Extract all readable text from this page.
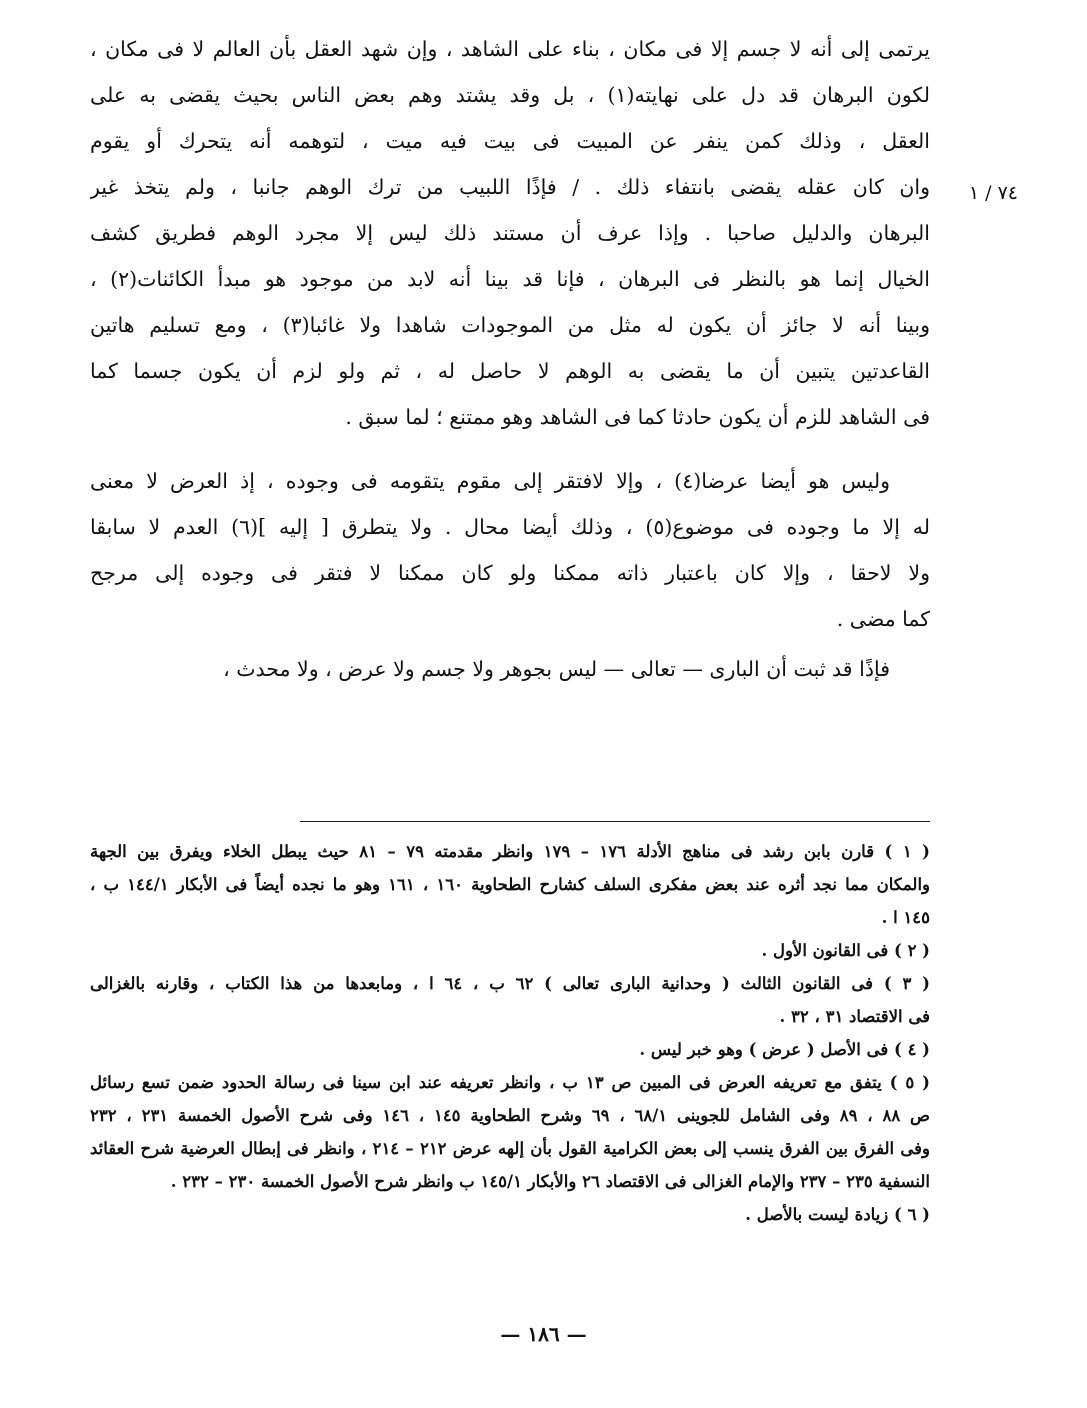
٧٤ / ١

يرتمى إلى أنه لا جسم إلا فى مكان ، بناء على الشاهد ، وإن شهد العقل بأن العالم لا فى مكان ،
لكون البرهان قد دل على نهايته(١) ، بل وقد يشتد وهم بعض الناس بحيث يقضى به على
العقل ، وذلك كمن ينفر عن المبيت فى بيت فيه ميت ، لتوهمه أنه يتحرك أو يقوم
وان كان عقله يقضى بانتفاء ذلك . / فإذًا اللبيب من ترك الوهم جانبا ، ولم يتخذ غير
البرهان والدليل صاحبا . وإذا عرف أن مستند ذلك ليس إلا مجرد الوهم فطريق كشف
الخيال إنما هو بالنظر فى البرهان ، فإنا قد بينا أنه لابد من موجود هو مبدأ الكائنات(٢) ،
وبينا أنه لا جائز أن يكون له مثل من الموجودات شاهدا ولا غائبا(٣) ، ومع تسليم هاتين
القاعدتين يتبين أن ما يقضى به الوهم لا حاصل له ، ثم ولو لزم أن يكون جسما كما
فى الشاهد للزم أن يكون حادثا كما فى الشاهد وهو ممتنع ؛ لما سبق .

وليس هو أيضا عرضا(٤) ، وإلا لافتقر إلى مقوم يتقومه فى وجوده ، إذ العرض لا معنى
له إلا ما وجوده فى موضوع(٥) ، وذلك أيضا محال . ولا يتطرق [ إليه ](٦) العدم لا سابقا
ولا لاحقا ، وإلا كان باعتبار ذاته ممكنا ولو كان ممكنا لا فتقر فى وجوده إلى مرجح
كما مضى .

فإذًا قد ثبت أن البارى — تعالى — ليس بجوهر ولا جسم ولا عرض ، ولا محدث ،

( ١ ) قارن بابن رشد فى مناهج الأدلة ١٧٦ – ١٧٩ وانظر مقدمته ٧٩ – ٨١ حيث يبطل الخلاء ويفرق بين الجهة
والمكان مما نجد أثره عند بعض مفكرى السلف كشارح الطحاوية ١٦٠ ، ١٦١ وهو ما نجده أيضاً فى الأبكار ١٤٤/١ ب ،
١٤٥ ا .
( ٢ ) فى القانون الأول .
( ٣ ) فى القانون الثالث ( وحدانية البارى تعالى ) ٦٢ ب ، ٦٤ ا ، ومابعدها من هذا الكتاب ، وقارنه بالغزالى
فى الاقتصاد ٣١ ، ٣٢ .
( ٤ ) فى الأصل ( عرض ) وهو خبر ليس .
( ٥ ) يتفق مع تعريفه العرض فى المبين ص ١٣ ب ، وانظر تعريفه عند ابن سينا فى رسالة الحدود ضمن تسع رسائل
ص ٨٨ ، ٨٩ وفى الشامل للجوينى ٦٨/١ ، ٦٩ وشرح الطحاوية ١٤٥ ، ١٤٦ وفى شرح الأصول الخمسة ٢٣١ ، ٢٣٢
وفى الفرق بين الفرق ينسب إلى بعض الكرامية القول بأن إلهه عرض ٢١٢ – ٢١٤ ، وانظر فى إبطال العرضية شرح العقائد
النسفية ٢٣٥ – ٢٣٧ والإمام الغزالى فى الاقتصاد ٢٦ والأبكار ١٤٥/١ ب وانظر شرح الأصول الخمسة ٢٣٠ – ٢٣٢ .
( ٦ ) زيادة ليست بالأصل .
— ١٨٦ —
